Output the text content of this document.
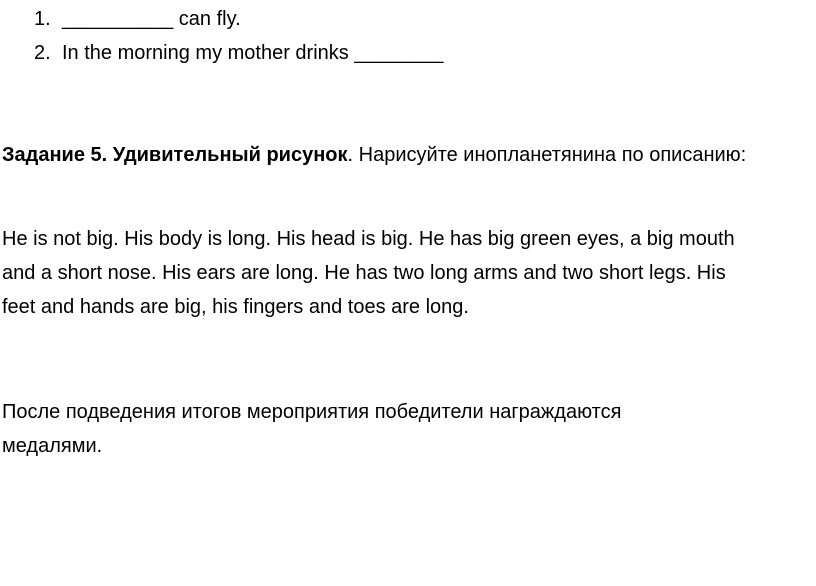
1. __________ can fly.
2. In the morning my mother drinks ________

Задание 5. Удивительный рисунок. Нарисуйте инопланетянина по описанию:

He is not big. His body is long. His head is big. He has big green eyes, a big mouth
and a short nose. His ears are long. He has two long arms and two short legs. His
feet and hands are big, his fingers and toes are long.

После подведения итогов мероприятия победители награждаются
медалями.
